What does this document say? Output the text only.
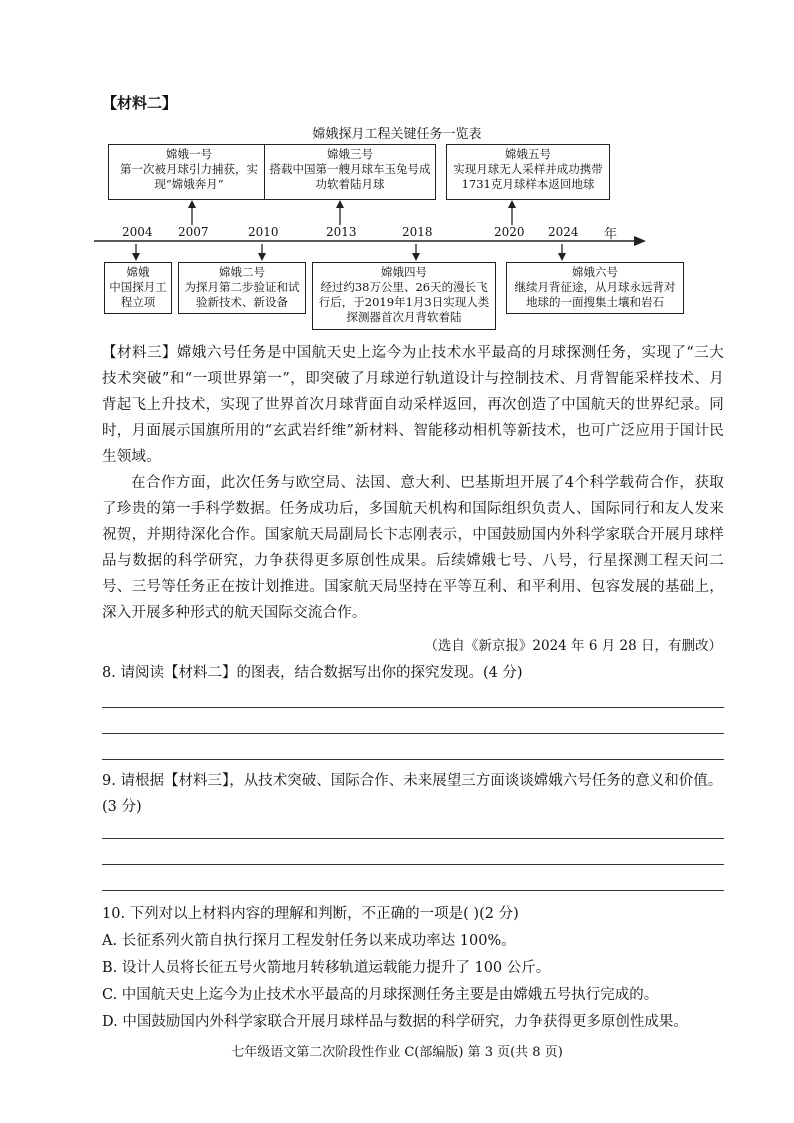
【材料二】
嫦娥探月工程关键任务一览表
嫦娥一号
第一次被月球引力捕获，实现“嫦娥奔月”
嫦娥三号
搭载中国第一艘月球车玉兔号成功软着陆月球
嫦娥五号
实现月球无人采样并成功携带1731克月球样本返回地球
2004 2007	2010	2013	2018	2020 2024 年
嫦娥
中国探月工程立项
嫦娥二号
为探月第二步验证和试验新技术、新设备
嫦娥四号
经过约38万公里、26天的漫长飞行后，于2019年1月3日实现人类探测器首次月背软着陆
嫦娥六号
继续月背征途，从月球永远背对地球的一面搜集土壤和岩石
【材料三】嫦娥六号任务是中国航天史上迄今为止技术水平最高的月球探测任务，实现了“三大技术突破”和“一项世界第一”，即突破了月球逆行轨道设计与控制技术、月背智能采样技术、月背起飞上升技术，实现了世界首次月球背面自动采样返回，再次创造了中国航天的世界纪录。同时，月面展示国旗所用的“玄武岩纤维”新材料、智能移动相机等新技术，也可广泛应用于国计民生领域。
在合作方面，此次任务与欧空局、法国、意大利、巴基斯坦开展了4个科学载荷合作，获取了珍贵的第一手科学数据。任务成功后，多国航天机构和国际组织负责人、国际同行和友人发来祝贺，并期待深化合作。国家航天局副局长卞志刚表示，中国鼓励国内外科学家联合开展月球样品与数据的科学研究，力争获得更多原创性成果。后续嫦娥七号、八号，行星探测工程天问二号、三号等任务正在按计划推进。国家航天局坚持在平等互利、和平利用、包容发展的基础上，深入开展多种形式的航天国际交流合作。
（选自《新京报》2024 年 6 月 28 日，有删改）
8. 请阅读【材料二】的图表，结合数据写出你的探究发现。(4 分)
9. 请根据【材料三】，从技术突破、国际合作、未来展望三方面谈谈嫦娥六号任务的意义和价值。(3 分)
10. 下列对以上材料内容的理解和判断，不正确的一项是( )(2 分)
A. 长征系列火箭自执行探月工程发射任务以来成功率达 100%。
B. 设计人员将长征五号火箭地月转移轨道运载能力提升了 100 公斤。
C. 中国航天史上迄今为止技术水平最高的月球探测任务主要是由嫦娥五号执行完成的。
D. 中国鼓励国内外科学家联合开展月球样品与数据的科学研究，力争获得更多原创性成果。
七年级语文第二次阶段性作业 C(部编版) 第 3 页(共 8 页)
